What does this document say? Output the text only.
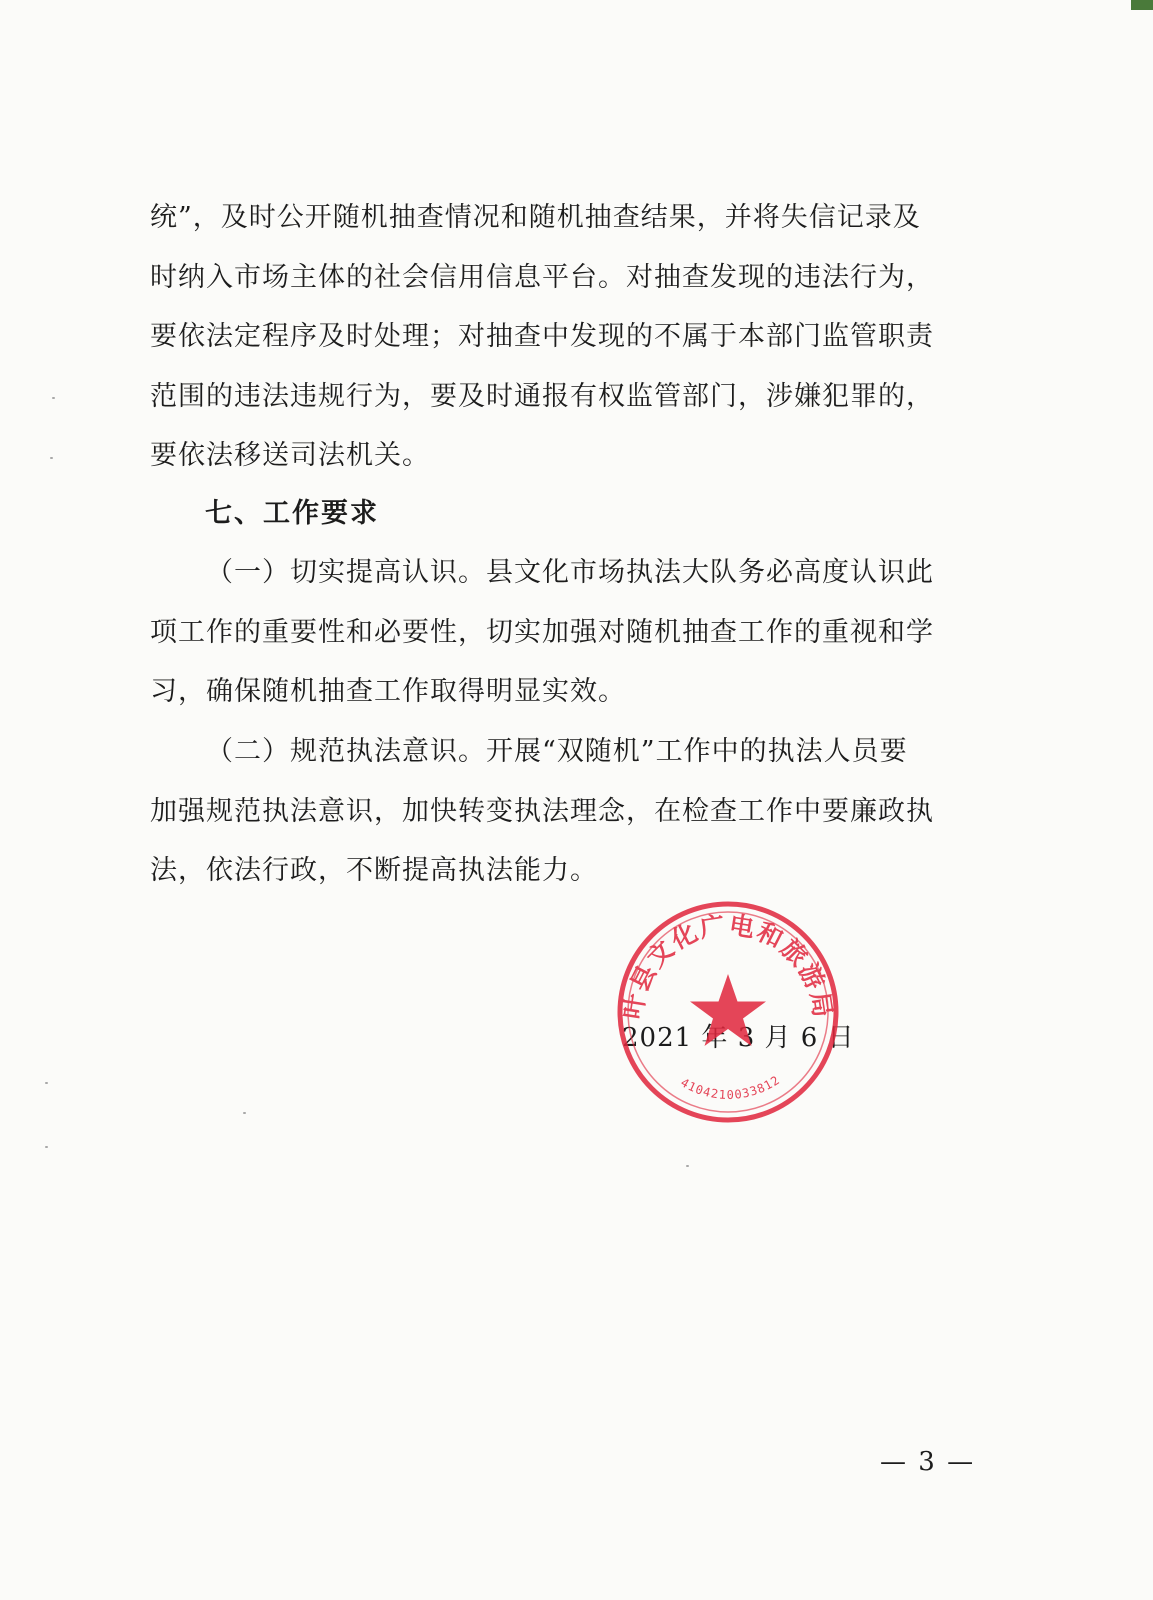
统”，及时公开随机抽查情况和随机抽查结果，并将失信记录及
时纳入市场主体的社会信用信息平台。对抽查发现的违法行为，
要依法定程序及时处理；对抽查中发现的不属于本部门监管职责
范围的违法违规行为，要及时通报有权监管部门，涉嫌犯罪的，
要依法移送司法机关。
七、工作要求
（一）切实提高认识。县文化市场执法大队务必高度认识此
项工作的重要性和必要性，切实加强对随机抽查工作的重视和学
习，确保随机抽查工作取得明显实效。
（二）规范执法意识。开展“双随机”工作中的执法人员要
加强规范执法意识，加快转变执法理念，在检查工作中要廉政执
法，依法行政，不断提高执法能力。
2021 年 3 月 6 日
叶县文化广电和旅游局
4104210033812
— 3 —
